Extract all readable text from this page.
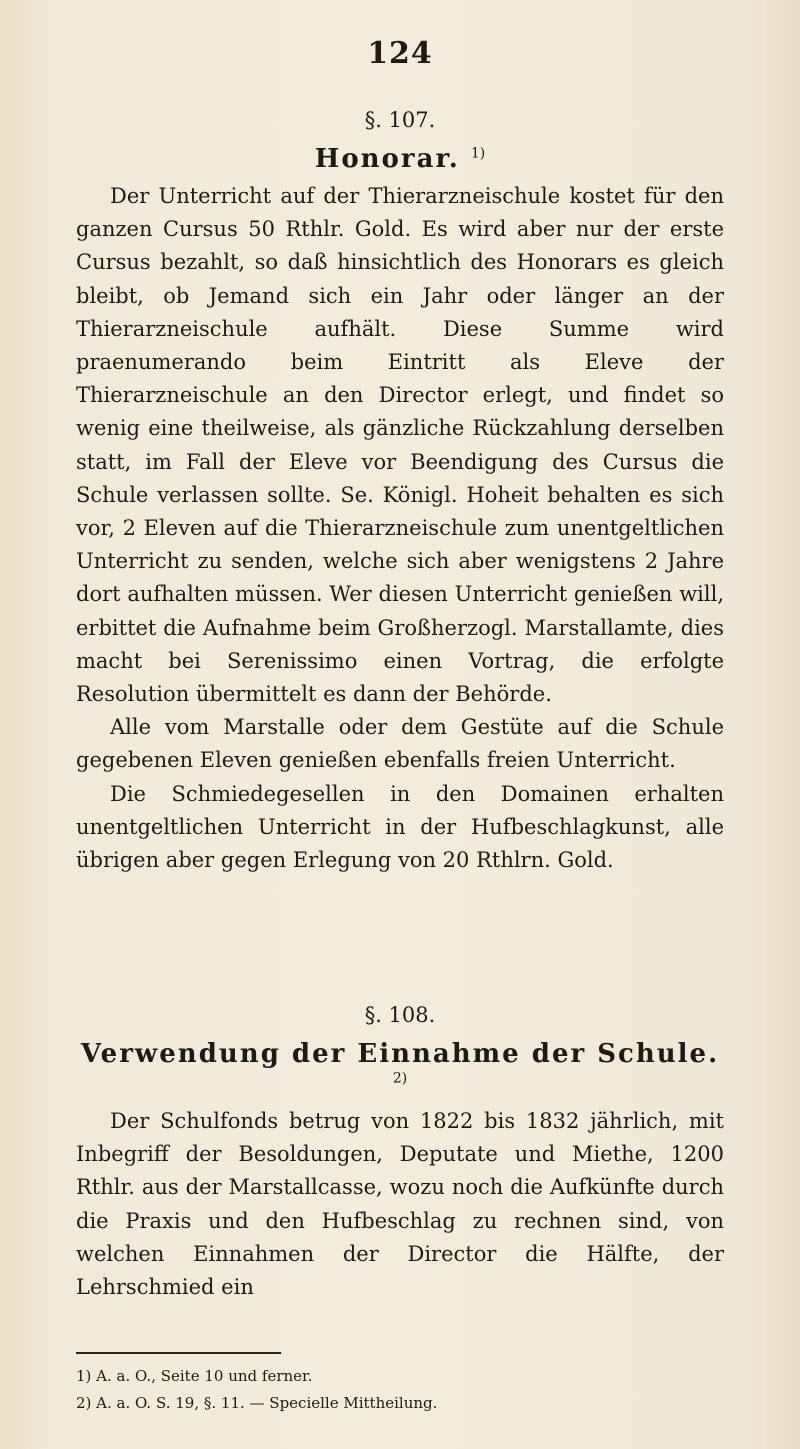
124

§. 107.

Honorar. $^{1)}$

Der Unterricht auf der Thierarzneischule kostet für den ganzen Cursus 50 Rthlr. Gold. Es wird aber nur der erste Cursus bezahlt, so daß hinsichtlich des Honorars es gleich bleibt, ob Jemand sich ein Jahr oder länger an der Thierarzneischule aufhält. Diese Summe wird praenumerando beim Eintritt als Eleve der Thierarzneischule an den Director erlegt, und findet so wenig eine theilweise, als gänzliche Rückzahlung derselben statt, im Fall der Eleve vor Beendigung des Cursus die Schule verlassen sollte. Se. Königl. Hoheit behalten es sich vor, 2 Eleven auf die Thierarzneischule zum unentgeltlichen Unterricht zu senden, welche sich aber wenigstens 2 Jahre dort aufhalten müssen. Wer diesen Unterricht genießen will, erbittet die Aufnahme beim Großherzogl. Marstallamte, dies macht bei Serenissimo einen Vortrag, die erfolgte Resolution übermittelt es dann der Behörde.

Alle vom Marstalle oder dem Gestüte auf die Schule gegebenen Eleven genießen ebenfalls freien Unterricht.

Die Schmiedegesellen in den Domainen erhalten unentgeltlichen Unterricht in der Hufbeschlagkunst, alle übrigen aber gegen Erlegung von 20 Rthlrn. Gold.

§. 108.

Verwendung der Einnahme der Schule. $^{2)}$

Der Schulfonds betrug von 1822 bis 1832 jährlich, mit Inbegriff der Besoldungen, Deputate und Miethe, 1200 Rthlr. aus der Marstallcasse, wozu noch die Aufkünfte durch die Praxis und den Hufbeschlag zu rechnen sind, von welchen Einnahmen der Director die Hälfte, der Lehrschmied ein

1) A. a. O., Seite 10 und ferner.

2) A. a. O. S. 19, §. 11. — Specielle Mittheilung.
